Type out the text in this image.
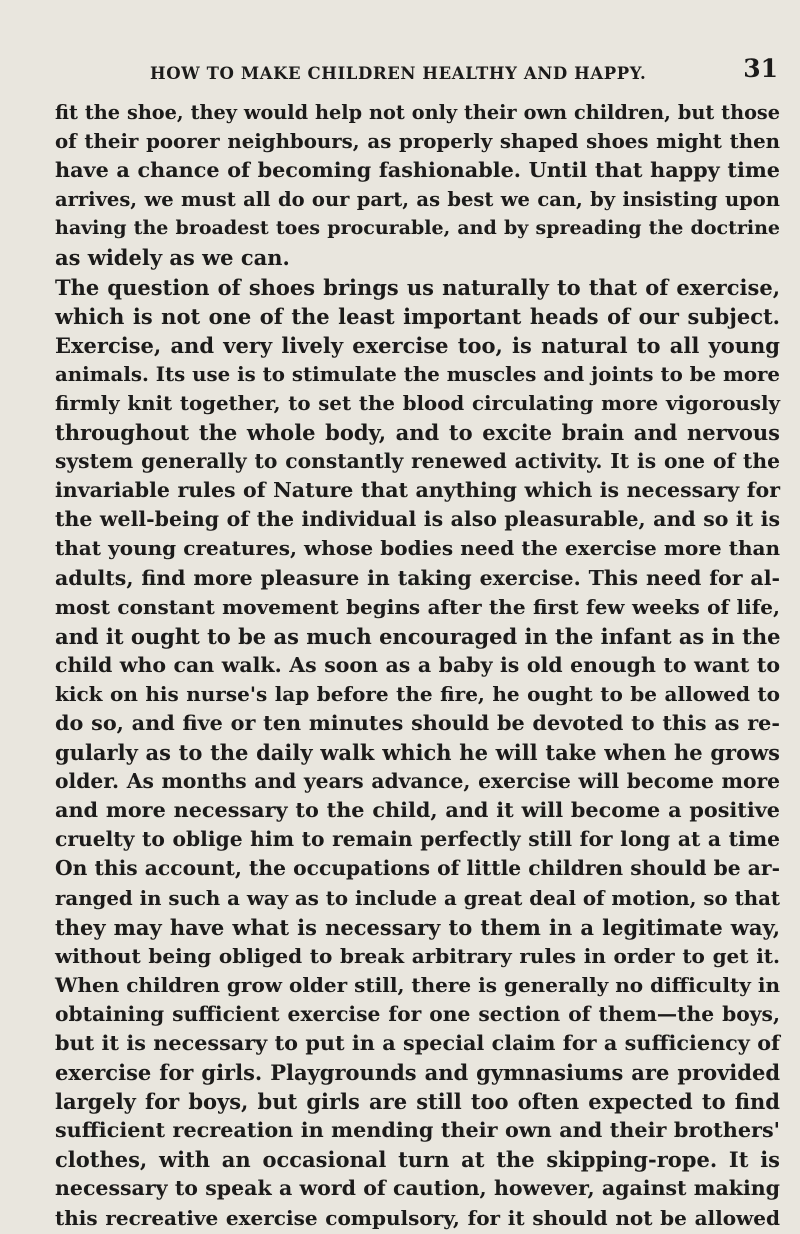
HOW TO MAKE CHILDREN HEALTHY AND HAPPY.	31
fit the shoe, they would help not only their own children, but those
of their poorer neighbours, as properly shaped shoes might then
have a chance of becoming fashionable. Until that happy time
arrives, we must all do our part, as best we can, by insisting upon
having the broadest toes procurable, and by spreading the doctrine
as widely as we can.
The question of shoes brings us naturally to that of exercise,
which is not one of the least important heads of our subject.
Exercise, and very lively exercise too, is natural to all young
animals. Its use is to stimulate the muscles and joints to be more
firmly knit together, to set the blood circulating more vigorously
throughout the whole body, and to excite brain and nervous
system generally to constantly renewed activity. It is one of the
invariable rules of Nature that anything which is necessary for
the well-being of the individual is also pleasurable, and so it is
that young creatures, whose bodies need the exercise more than
adults, find more pleasure in taking exercise. This need for al-
most constant movement begins after the first few weeks of life,
and it ought to be as much encouraged in the infant as in the
child who can walk. As soon as a baby is old enough to want to
kick on his nurse's lap before the fire, he ought to be allowed to
do so, and five or ten minutes should be devoted to this as re-
gularly as to the daily walk which he will take when he grows
older. As months and years advance, exercise will become more
and more necessary to the child, and it will become a positive
cruelty to oblige him to remain perfectly still for long at a time
On this account, the occupations of little children should be ar-
ranged in such a way as to include a great deal of motion, so that
they may have what is necessary to them in a legitimate way,
without being obliged to break arbitrary rules in order to get it.
When children grow older still, there is generally no difficulty in
obtaining sufficient exercise for one section of them—the boys,
but it is necessary to put in a special claim for a sufficiency of
exercise for girls. Playgrounds and gymnasiums are provided
largely for boys, but girls are still too often expected to find
sufficient recreation in mending their own and their brothers'
clothes, with an occasional turn at the skipping-rope. It is
necessary to speak a word of caution, however, against making
this recreative exercise compulsory, for it should not be allowed
